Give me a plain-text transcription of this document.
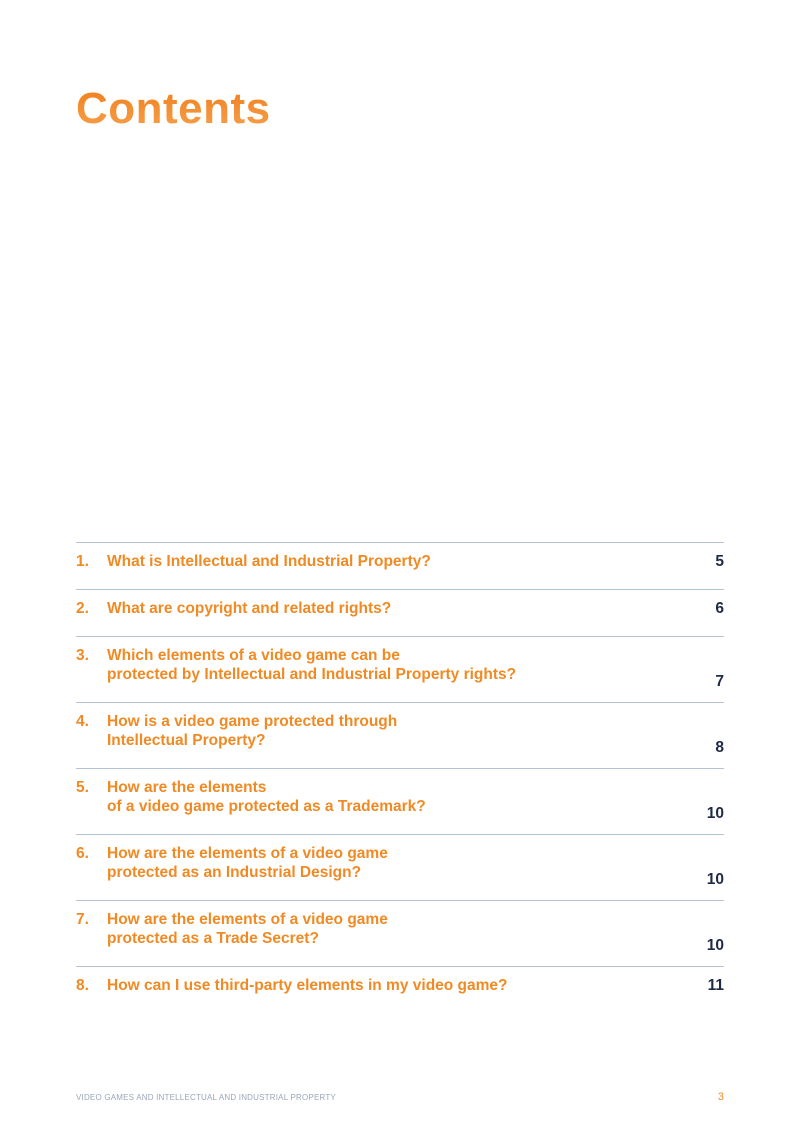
Contents
1.	What is Intellectual and Industrial Property?	5
2.	What are copyright and related rights?	6
3.	Which elements of a video game can be
protected by Intellectual and Industrial Property rights?	7
4.	How is a video game protected through
Intellectual Property?	8
5.	How are the elements
of a video game protected as a Trademark?	10
6.	How are the elements of a video game
protected as an Industrial Design?	10
7.	How are the elements of a video game
protected as a Trade Secret?	10
8.	How can I use third-party elements in my video game?	11
VIDEO GAMES AND INTELLECTUAL AND INDUSTRIAL PROPERTY	3
